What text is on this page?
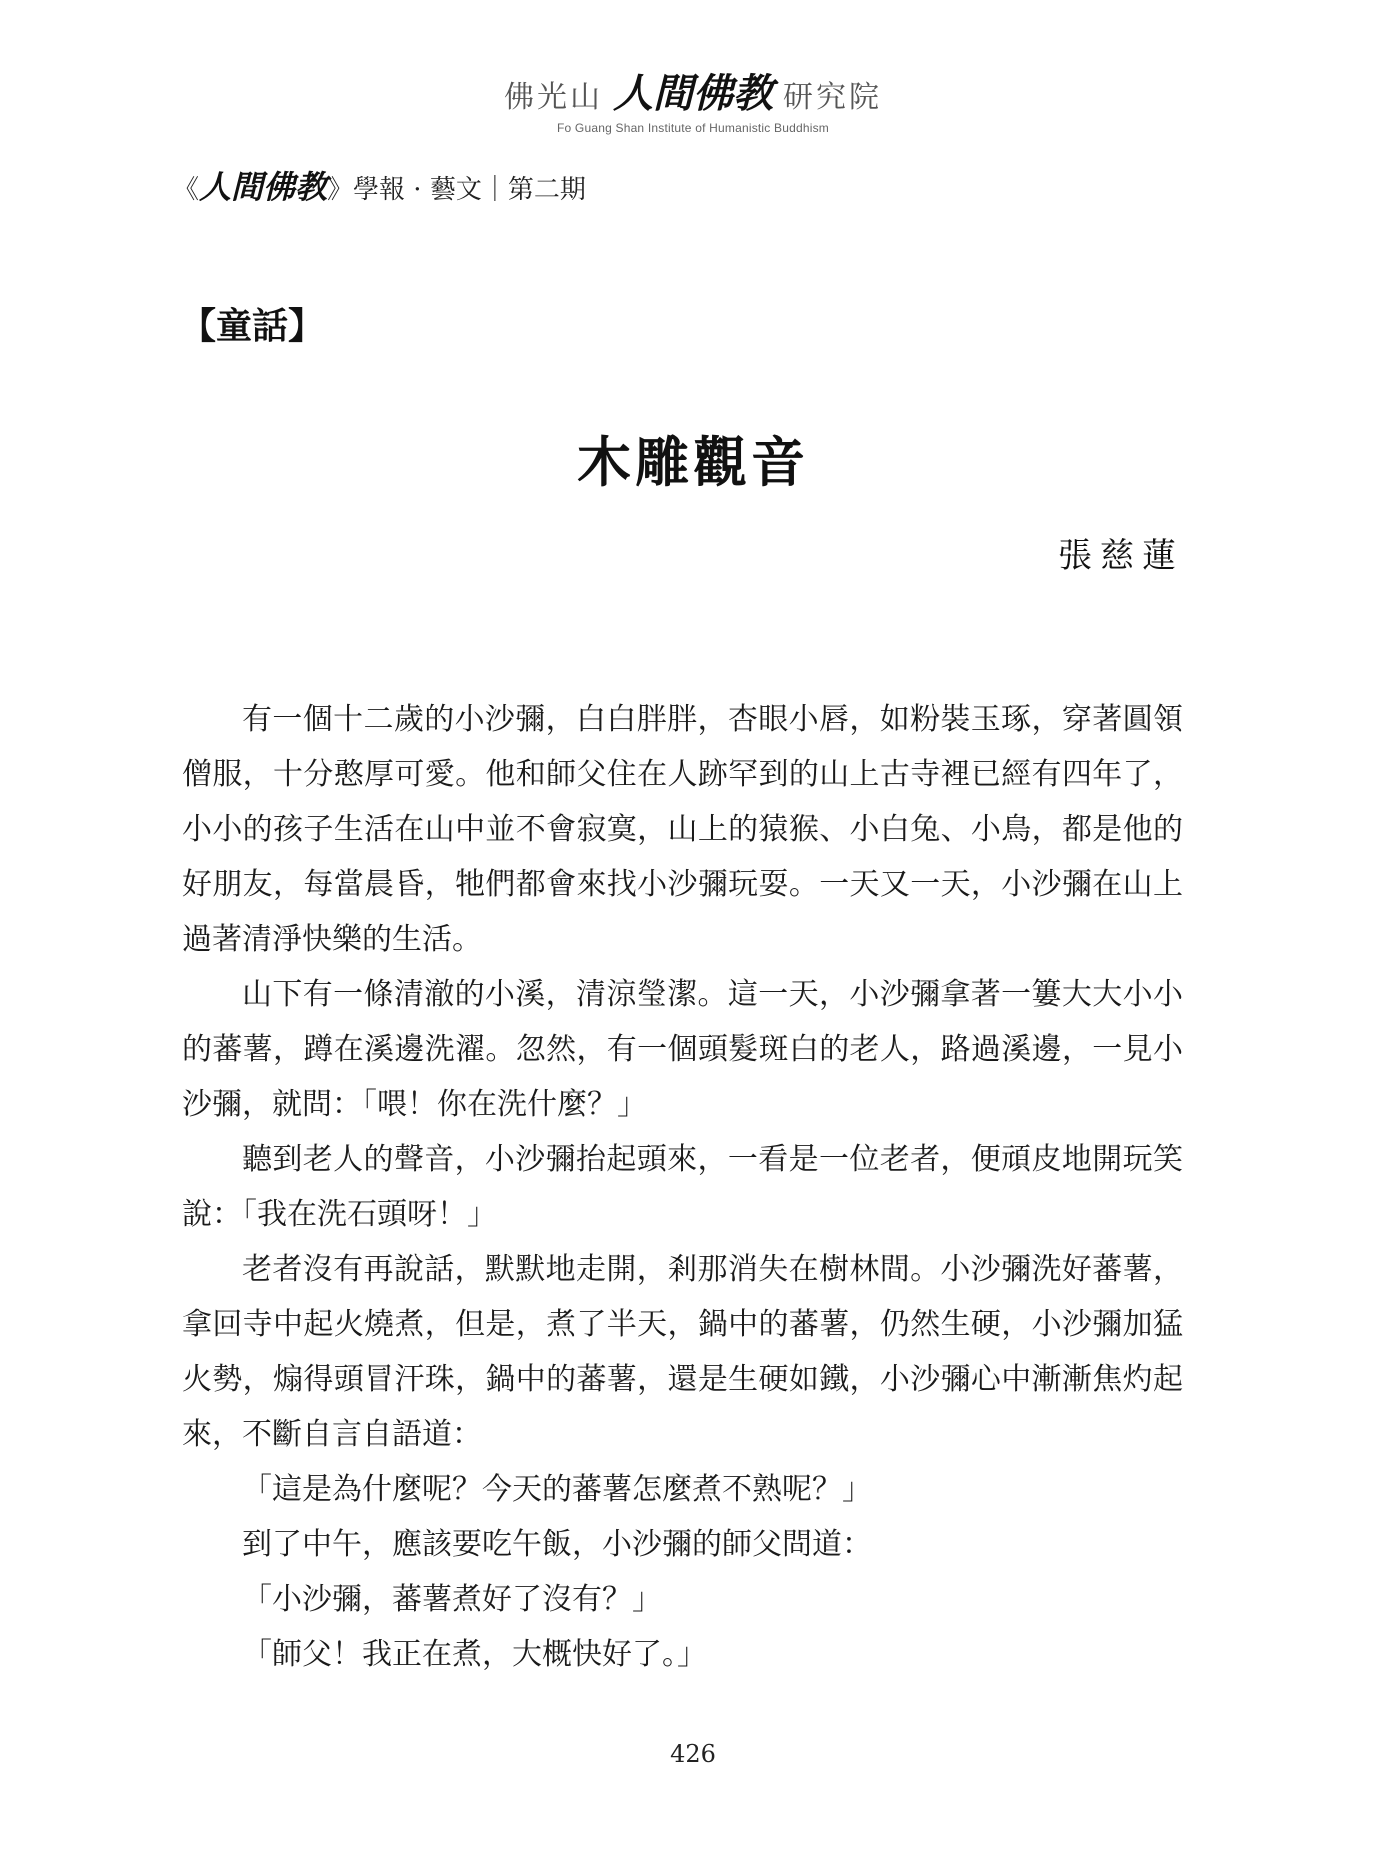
佛光山 人間佛教 研究院
Fo Guang Shan Institute of Humanistic Buddhism
《 人間佛教 》 學報 · 藝文｜第二期
【童話】
木雕觀音
張慈蓮

有一個十二歲的小沙彌，白白胖胖，杏眼小唇，如粉裝玉琢，穿著圓領僧服，十分憨厚可愛。他和師父住在人跡罕到的山上古寺裡已經有四年了，小小的孩子生活在山中並不會寂寞，山上的猿猴、小白兔、小鳥，都是他的好朋友，每當晨昏，牠們都會來找小沙彌玩耍。一天又一天，小沙彌在山上過著清淨快樂的生活。

山下有一條清澈的小溪，清涼瑩潔。這一天，小沙彌拿著一簍大大小小的蕃薯，蹲在溪邊洗濯。忽然，有一個頭髮斑白的老人，路過溪邊，一見小沙彌，就問：「喂！你在洗什麼？」

聽到老人的聲音，小沙彌抬起頭來，一看是一位老者，便頑皮地開玩笑說：「我在洗石頭呀！」

老者沒有再說話，默默地走開，剎那消失在樹林間。小沙彌洗好蕃薯，拿回寺中起火燒煮，但是，煮了半天，鍋中的蕃薯，仍然生硬，小沙彌加猛火勢，煽得頭冒汗珠，鍋中的蕃薯，還是生硬如鐵，小沙彌心中漸漸焦灼起來，不斷自言自語道：

「這是為什麼呢？今天的蕃薯怎麼煮不熟呢？」

到了中午，應該要吃午飯，小沙彌的師父問道：

「小沙彌，蕃薯煮好了沒有？」

「師父！我正在煮，大概快好了。」

426
